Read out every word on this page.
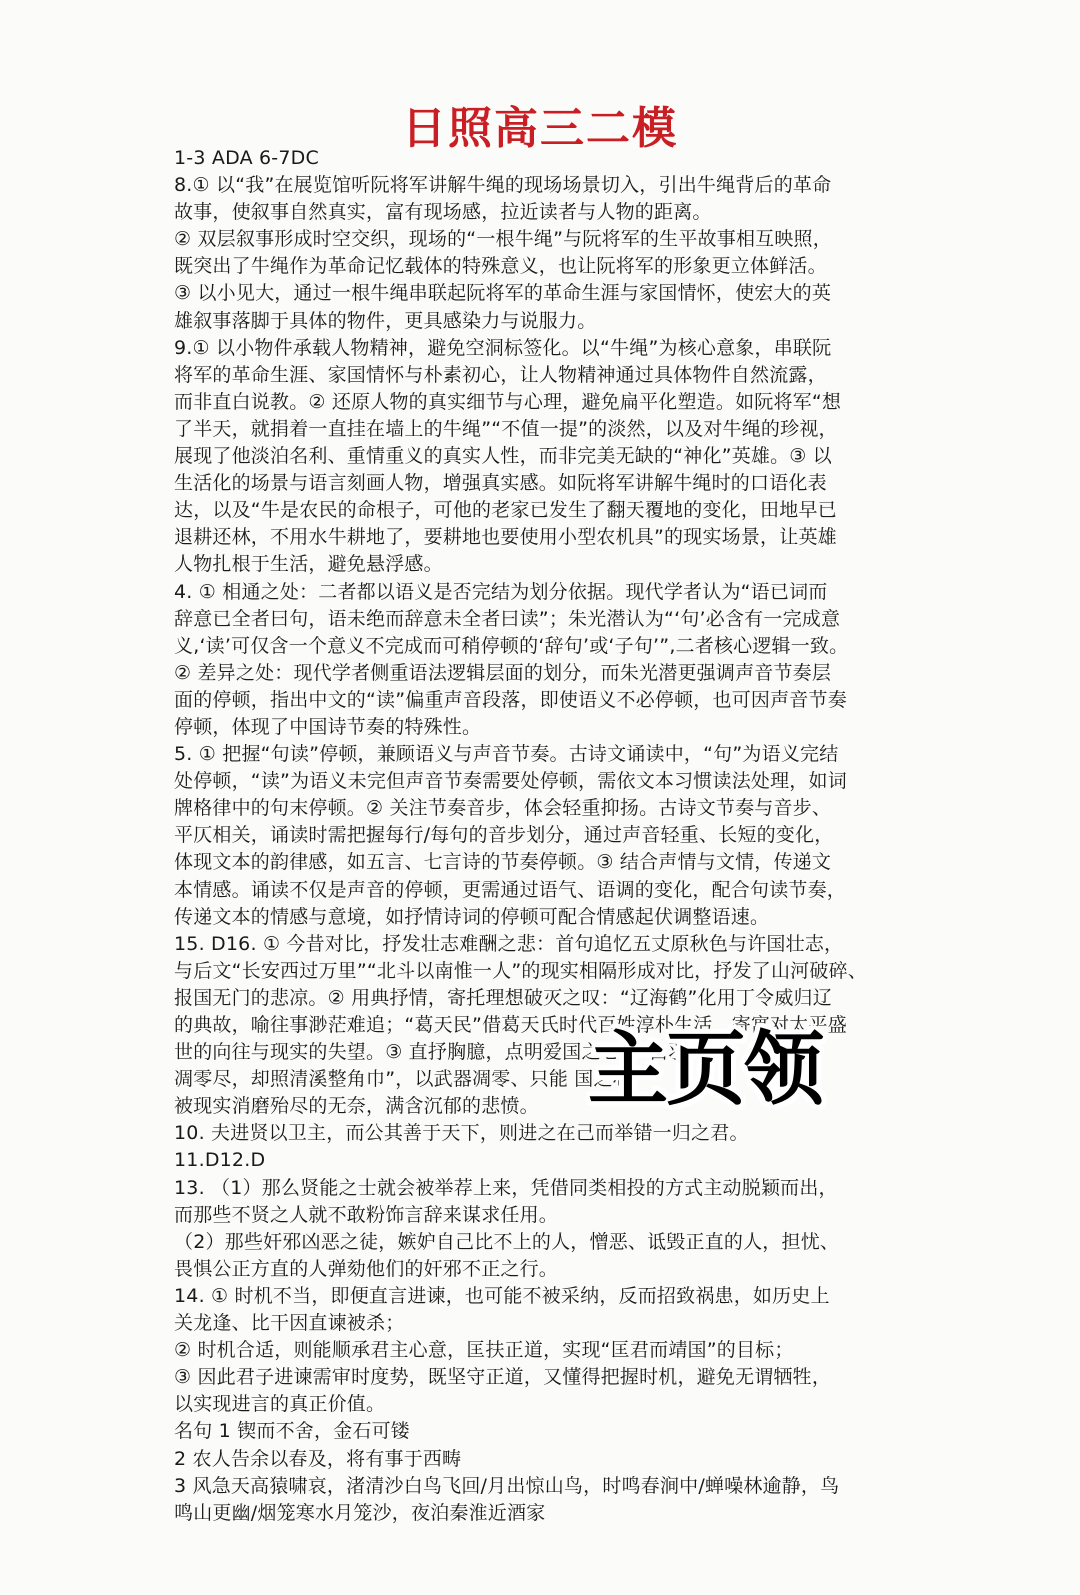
日照高三二模
1-3 ADA 6-7DC
8.① 以“我”在展览馆听阮将军讲解牛绳的现场场景切入，引出牛绳背后的革命
故事，使叙事自然真实，富有现场感，拉近读者与人物的距离。
② 双层叙事形成时空交织，现场的“一根牛绳”与阮将军的生平故事相互映照，
既突出了牛绳作为革命记忆载体的特殊意义，也让阮将军的形象更立体鲜活。
③ 以小见大，通过一根牛绳串联起阮将军的革命生涯与家国情怀，使宏大的英
雄叙事落脚于具体的物件，更具感染力与说服力。
9.① 以小物件承载人物精神，避免空洞标签化。以“牛绳”为核心意象，串联阮
将军的革命生涯、家国情怀与朴素初心，让人物精神通过具体物件自然流露，
而非直白说教。② 还原人物的真实细节与心理，避免扁平化塑造。如阮将军“想
了半天，就捐着一直挂在墙上的牛绳”“不值一提”的淡然，以及对牛绳的珍视，
展现了他淡泊名利、重情重义的真实人性，而非完美无缺的“神化”英雄。③ 以
生活化的场景与语言刻画人物，增强真实感。如阮将军讲解牛绳时的口语化表
达，以及“牛是农民的命根子，可他的老家已发生了翻天覆地的变化，田地早已
退耕还林，不用水牛耕地了，要耕地也要使用小型农机具”的现实场景，让英雄
人物扎根于生活，避免悬浮感。
4. ① 相通之处：二者都以语义是否完结为划分依据。现代学者认为“语已词而
辞意已全者曰句，语未绝而辞意未全者曰读”；朱光潜认为“‘句’必含有一完成意
义,‘读’可仅含一个意义不完成而可稍停顿的‘辞句’或‘子句’”,二者核心逻辑一致。
② 差异之处：现代学者侧重语法逻辑层面的划分，而朱光潜更强调声音节奏层
面的停顿，指出中文的“读”偏重声音段落，即使语义不必停顿，也可因声音节奏
停顿，体现了中国诗节奏的特殊性。
5. ① 把握“句读”停顿，兼顾语义与声音节奏。古诗文诵读中，“句”为语义完结
处停顿，“读”为语义未完但声音节奏需要处停顿，需依文本习惯读法处理，如词
牌格律中的句末停顿。② 关注节奏音步，体会轻重抑扬。古诗文节奏与音步、
平仄相关，诵读时需把握每行/每句的音步划分，通过声音轻重、长短的变化，
体现文本的韵律感，如五言、七言诗的节奏停顿。③ 结合声情与文情，传递文
本情感。诵读不仅是声音的停顿，更需通过语气、语调的变化，配合句读节奏，
传递文本的情感与意境，如抒情诗词的停顿可配合情感起伏调整语速。
15. D16. ① 今昔对比，抒发壮志难酬之悲：首句追忆五丈原秋色与许国壮志，
与后文“长安西过万里”“北斗以南惟一人”的现实相隔形成对比，抒发了山河破碎、
报国无门的悲凉。② 用典抒情，寄托理想破灭之叹：“辽海鹤”化用丁令威归辽
的典故，喻往事渺茫难追；“葛天民”借葛天氏时代百姓淳朴生活，寄寓对太平盛
世的向往与现实的失望。③ 直抒胸臆，点明爱国之心：“白羽
凋零尽，却照清溪整角巾”，以武器凋零、只能 国之心
被现实消磨殆尽的无奈，满含沉郁的悲愤。
10. 夫进贤以卫主，而公其善于天下，则进之在己而举错一归之君。
11.D12.D
13. （1）那么贤能之士就会被举荐上来，凭借同类相投的方式主动脱颖而出，
而那些不贤之人就不敢粉饰言辞来谋求任用。
（2）那些奸邪凶恶之徒，嫉妒自己比不上的人，憎恶、诋毁正直的人，担忧、
畏惧公正方直的人弹劾他们的奸邪不正之行。
14. ① 时机不当，即便直言进谏，也可能不被采纳，反而招致祸患，如历史上
关龙逢、比干因直谏被杀；
② 时机合适，则能顺承君主心意，匡扶正道，实现“匡君而靖国”的目标；
③ 因此君子进谏需审时度势，既坚守正道，又懂得把握时机，避免无谓牺牲，
以实现进言的真正价值。
名句 1 锲而不舍，金石可镂
2 农人告余以春及，将有事于西畴
3 风急天高猿啸哀，渚清沙白鸟飞回/月出惊山鸟，时鸣春涧中/蝉噪林逾静，鸟
鸣山更幽/烟笼寒水月笼沙，夜泊秦淮近酒家
主页领
